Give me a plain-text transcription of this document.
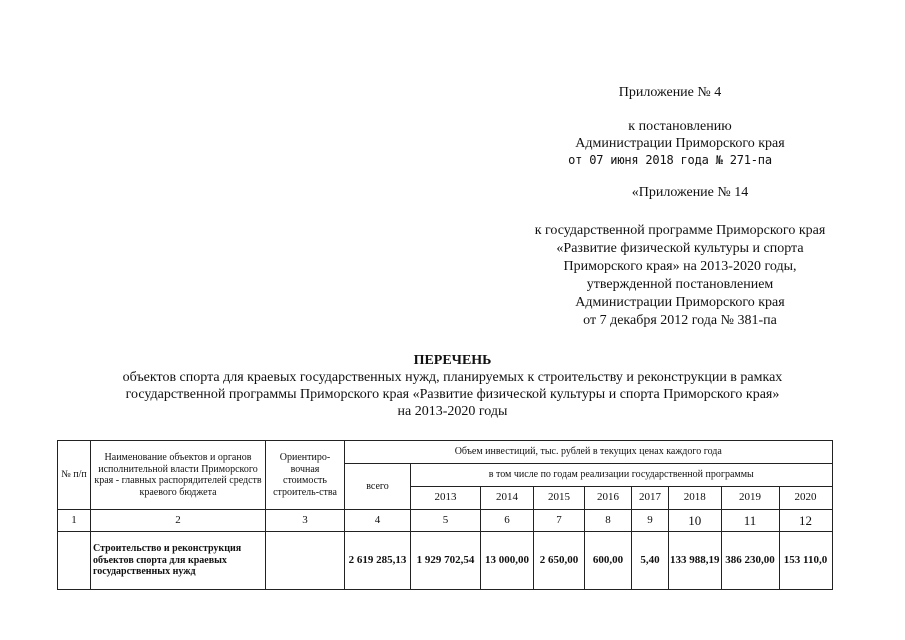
Приложение № 4
к постановлению
Администрации Приморского края
от 07 июня 2018 года № 271-па
«Приложение № 14
к государственной программе Приморского края
«Развитие физической культуры и спорта
Приморского края» на 2013-2020 годы,
утвержденной постановлением
Администрации Приморского края
от 7 декабря 2012 года № 381-па
ПЕРЕЧЕНЬ
объектов спорта для краевых государственных нужд, планируемых к строительству и реконструкции в рамках
государственной программы Приморского края «Развитие физической культуры и спорта Приморского края»
на 2013-2020 годы
№ п/п	Наименование объектов и органов исполнительной власти Приморского края - главных распорядителей средств краевого бюджета	Ориентиро-вочная стоимость строитель-ства	Объем инвестиций, тыс. рублей в текущих ценах каждого года								
			всего	в том числе по годам реализации государственной программы							
				2013	2014	2015	2016	2017	2018	2019	2020
1	2	3	4	5	6	7	8	9	10	11	12
	Строительство и реконструкция объектов спорта для краевых государственных нужд		2 619 285,13	1 929 702,54	13 000,00	2 650,00	600,00	5,40	133 988,19	386 230,00	153 110,0
